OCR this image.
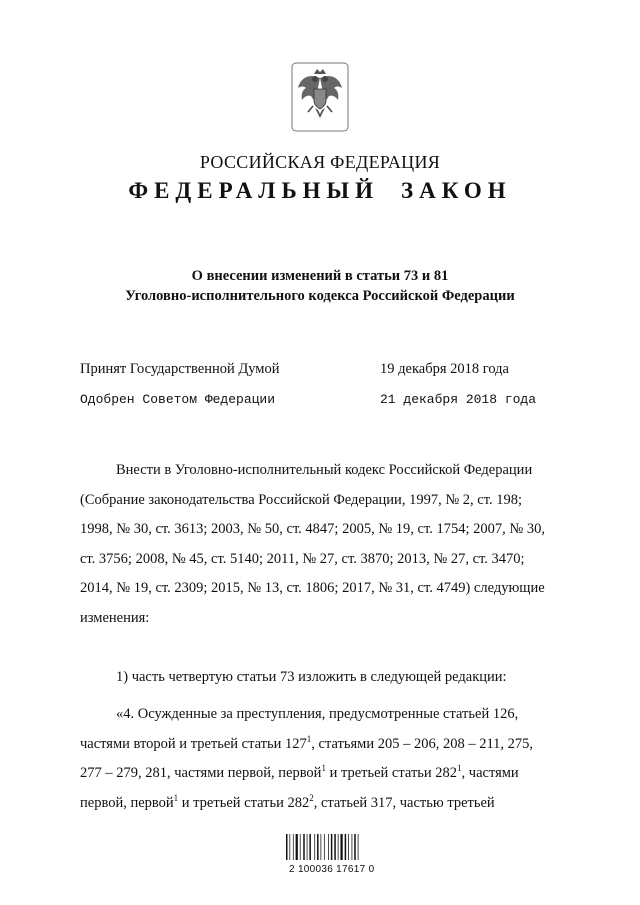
РОССИЙСКАЯ ФЕДЕРАЦИЯ
ФЕДЕРАЛЬНЫЙ ЗАКОН
О внесении изменений в статьи 73 и 81
Уголовно-исполнительного кодекса Российской Федерации
Принят Государственной Думой	19 декабря 2018 года
Одобрен Советом Федерации	21 декабря 2018 года
Внести в Уголовно-исполнительный кодекс Российской Федерации
(Собрание законодательства Российской Федерации, 1997, № 2, ст. 198;
1998, № 30, ст. 3613; 2003, № 50, ст. 4847; 2005, № 19, ст. 1754; 2007, № 30,
ст. 3756; 2008, № 45, ст. 5140; 2011, № 27, ст. 3870; 2013, № 27, ст. 3470;
2014, № 19, ст. 2309; 2015, № 13, ст. 1806; 2017, № 31, ст. 4749) следующие
изменения:
1) часть четвертую статьи 73 изложить в следующей редакции:
«4. Осужденные за преступления, предусмотренные статьей 126,
частями второй и третьей статьи $127^1$, статьями 205 – 206, 208 – 211, 275,
277 – 279, 281, частями первой, первой$^1$ и третьей статьи $282^1$, частями
первой, первой$^1$ и третьей статьи $282^2$, статьей 317, частью третьей
2 100036 17617 0
